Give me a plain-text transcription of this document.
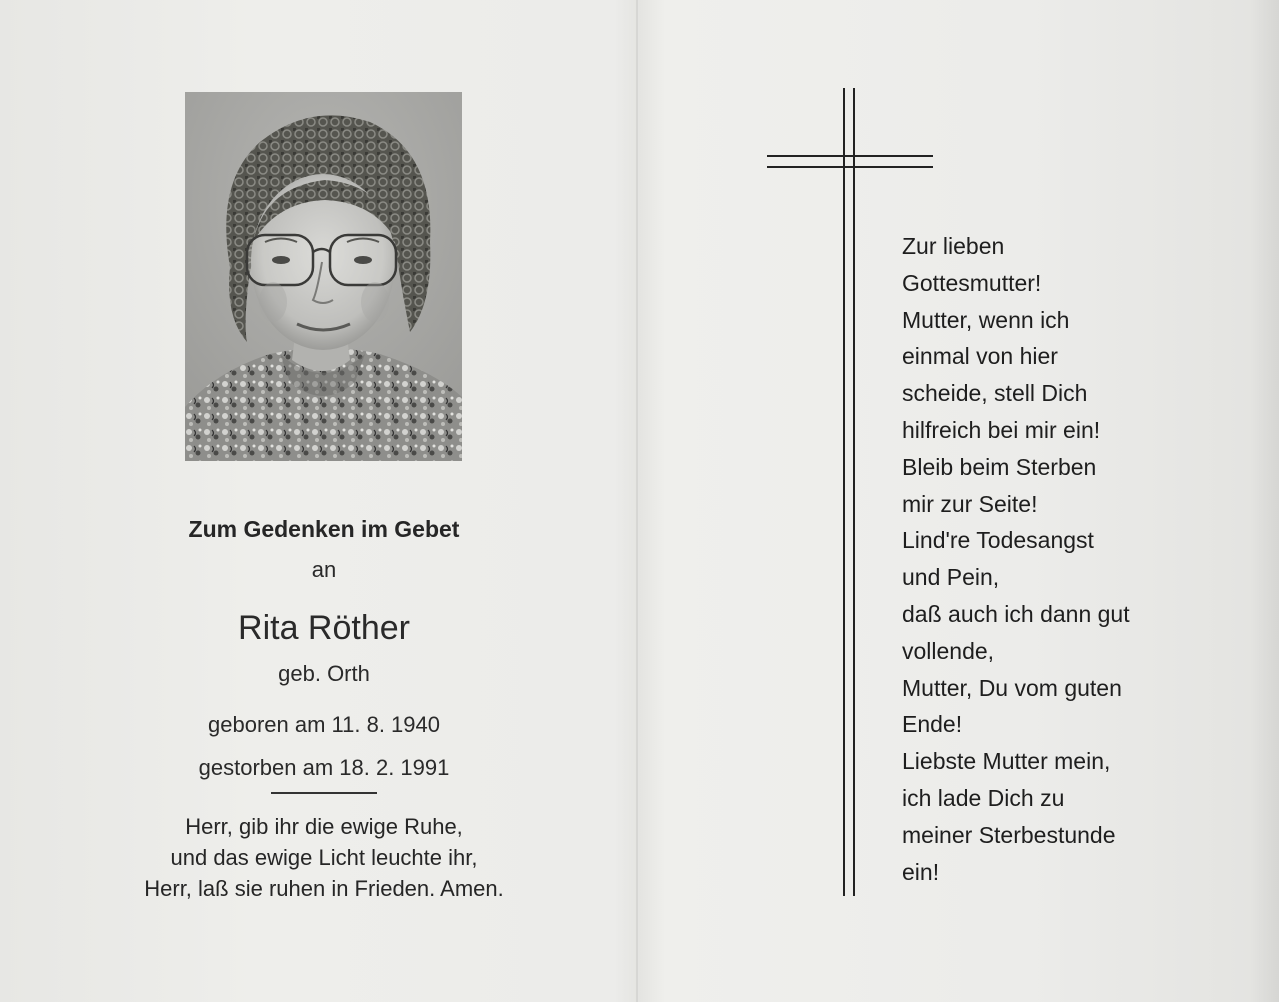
Zum Gedenken im Gebet
an
Rita Röther
geb. Orth
geboren am 11. 8. 1940
gestorben am 18. 2. 1991
Herr, gib ihr die ewige Ruhe,
und das ewige Licht leuchte ihr,
Herr, laß sie ruhen in Frieden. Amen.
Zur lieben
Gottesmutter!
Mutter, wenn ich
einmal von hier
scheide, stell Dich
hilfreich bei mir ein!
Bleib beim Sterben
mir zur Seite!
Lind're Todesangst
und Pein,
daß auch ich dann gut
vollende,
Mutter, Du vom guten
Ende!
Liebste Mutter mein,
ich lade Dich zu
meiner Sterbestunde
ein!
